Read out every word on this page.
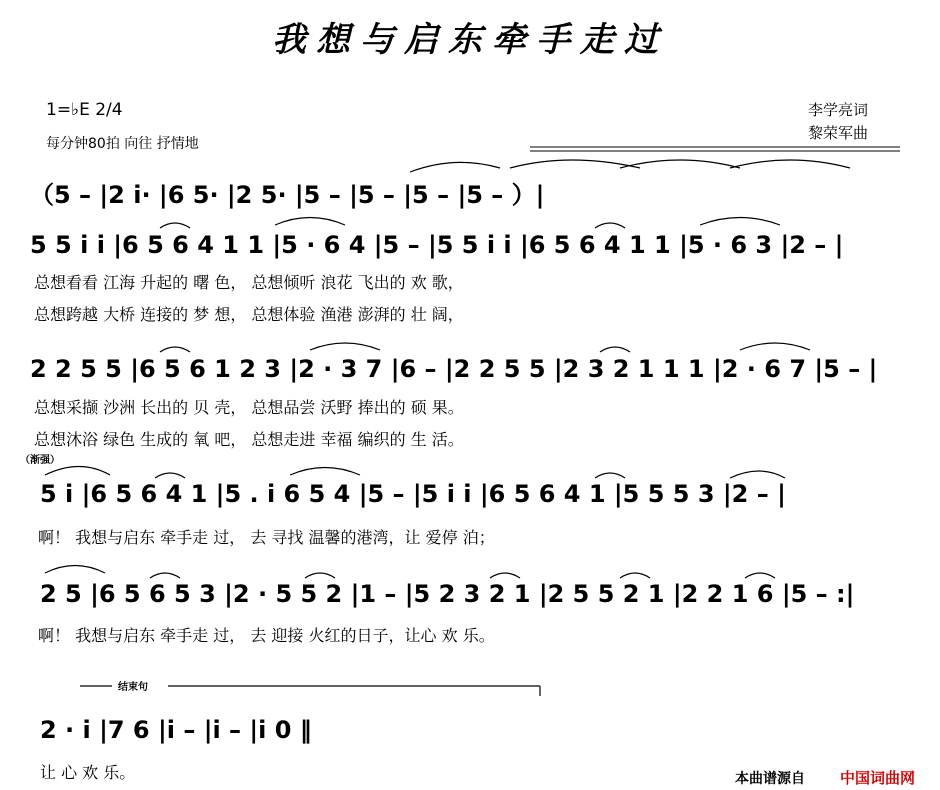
我想与启东牵手走过
1=♭E 2/4
每分钟80拍 向往 抒情地
李学亮词
黎荣军曲
（5 – |2 i· |6 5· |2 5· |5 – |5 – |5 – |5 – ）|
5 5 i i |6 5 6 4 1 1 |5 · 6 4 |5 – |5 5 i i |6 5 6 4 1 1 |5 · 6 3 |2 – |
总想看看 江海 升起的 曙 色， 总想倾听 浪花 飞出的 欢 歌，
总想跨越 大桥 连接的 梦 想， 总想体验 渔港 澎湃的 壮 阔，
2 2 5 5 |6 5 6 1 2 3 |2 · 3 7 |6 – |2 2 5 5 |2 3 2 1 1 1 |2 · 6 7 |5 – |
总想采撷 沙洲 长出的 贝 壳， 总想品尝 沃野 捧出的 硕 果。
总想沐浴 绿色 生成的 氧 吧， 总想走进 幸福 编织的 生 活。
（渐强）
5 i |6 5 6 4 1 |5 . i 6 5 4 |5 – |5 i i |6 5 6 4 1 |5 5 5 3 |2 – |
啊！ 我想与启东 牵手走 过， 去 寻找 温馨的港湾，让 爱停 泊；
2 5 |6 5 6 5 3 |2 · 5 5 2 |1 – |5 2 3 2 1 |2 5 5 2 1 |2 2 1 6 |5 – :|
啊！ 我想与启东 牵手走 过， 去 迎接 火红的日子，让心 欢 乐。
结束句
2 · i |7 6 |i – |i – |i 0 ‖
让 心 欢 乐。	本曲谱源自 中国词曲网
